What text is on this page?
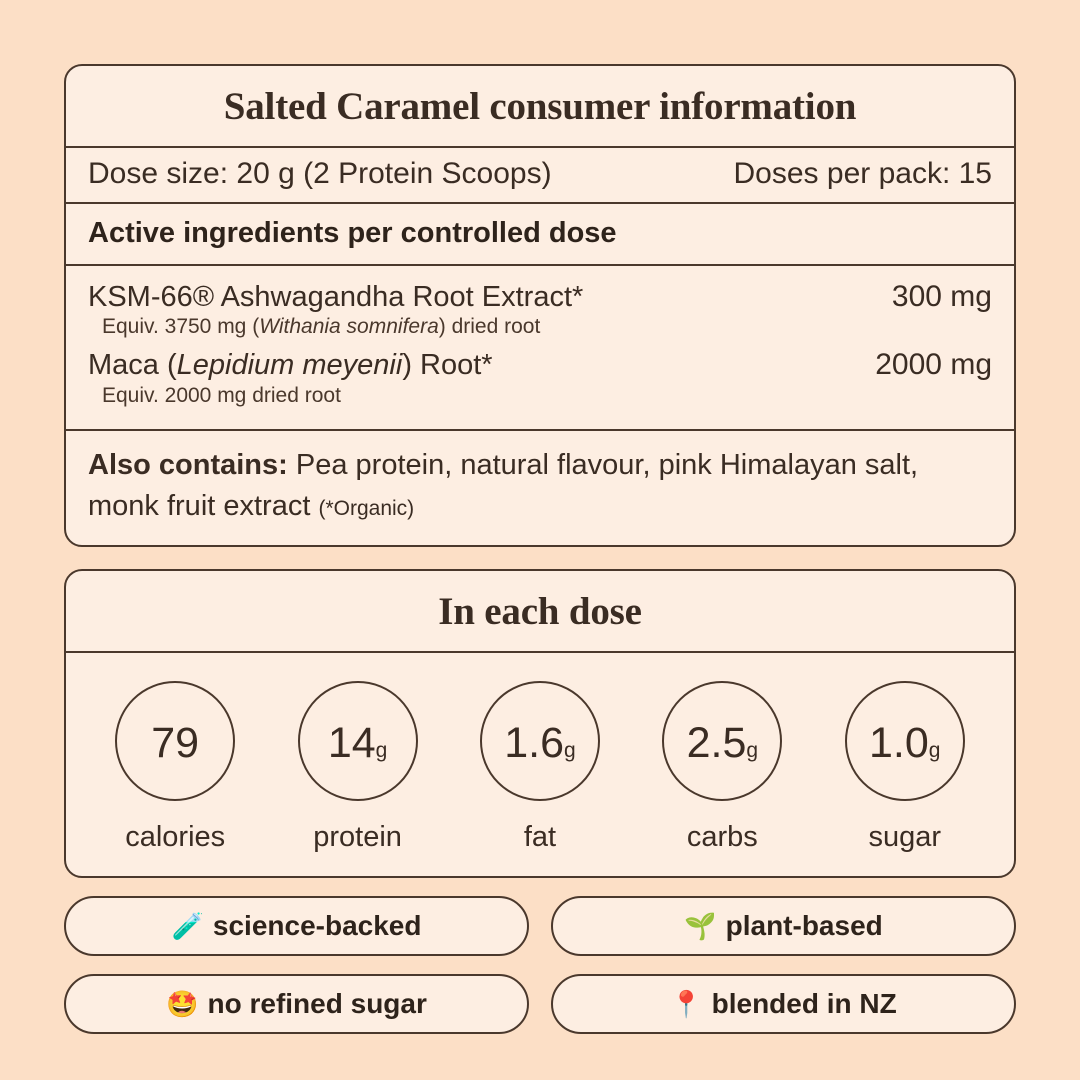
Salted Caramel consumer information
Dose size: 20 g (2 Protein Scoops)	Doses per pack: 15
Active ingredients per controlled dose
KSM-66® Ashwagandha Root Extract*	300 mg
Equiv. 3750 mg (Withania somnifera) dried root
Maca (Lepidium meyenii) Root*	2000 mg
Equiv. 2000 mg dried root
Also contains: Pea protein, natural flavour, pink Himalayan salt, monk fruit extract (*Organic)
In each dose
79
calories
14 g
protein
1.6 g
fat
2.5 g
carbs
1.0 g
sugar
🧪 science-backed	🌱 plant-based
🤩 no refined sugar	📍 blended in NZ
